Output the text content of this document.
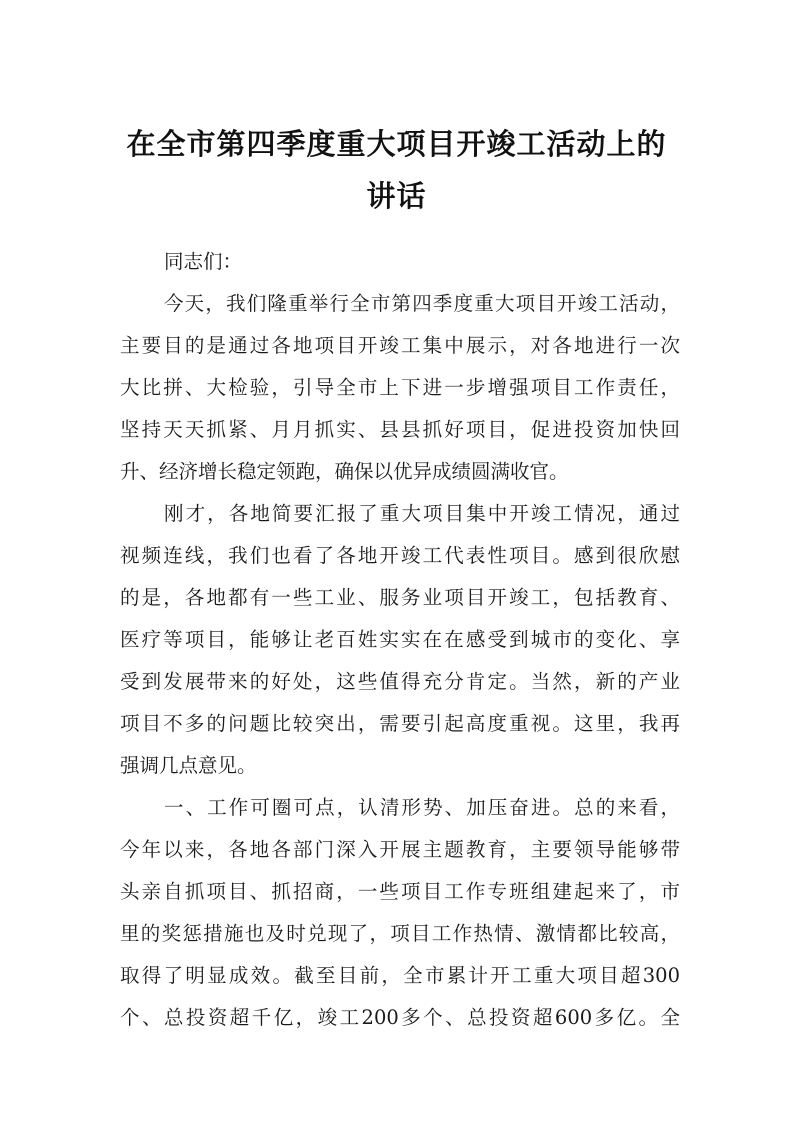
在全市第四季度重大项目开竣工活动上的
讲话
同志们：
今天，我们隆重举行全市第四季度重大项目开竣工活动，
主要目的是通过各地项目开竣工集中展示，对各地进行一次
大比拼、大检验，引导全市上下进一步增强项目工作责任，
坚持天天抓紧、月月抓实、县县抓好项目，促进投资加快回
升、经济增长稳定领跑，确保以优异成绩圆满收官。
刚才，各地简要汇报了重大项目集中开竣工情况，通过
视频连线，我们也看了各地开竣工代表性项目。感到很欣慰
的是，各地都有一些工业、服务业项目开竣工，包括教育、
医疗等项目，能够让老百姓实实在在感受到城市的变化、享
受到发展带来的好处，这些值得充分肯定。当然，新的产业
项目不多的问题比较突出，需要引起高度重视。这里，我再
强调几点意见。
一、工作可圈可点，认清形势、加压奋进。总的来看，
今年以来，各地各部门深入开展主题教育，主要领导能够带
头亲自抓项目、抓招商，一些项目工作专班组建起来了，市
里的奖惩措施也及时兑现了，项目工作热情、激情都比较高，
取得了明显成效。截至目前，全市累计开工重大项目超300
个、总投资超千亿，竣工200多个、总投资超600多亿。全
